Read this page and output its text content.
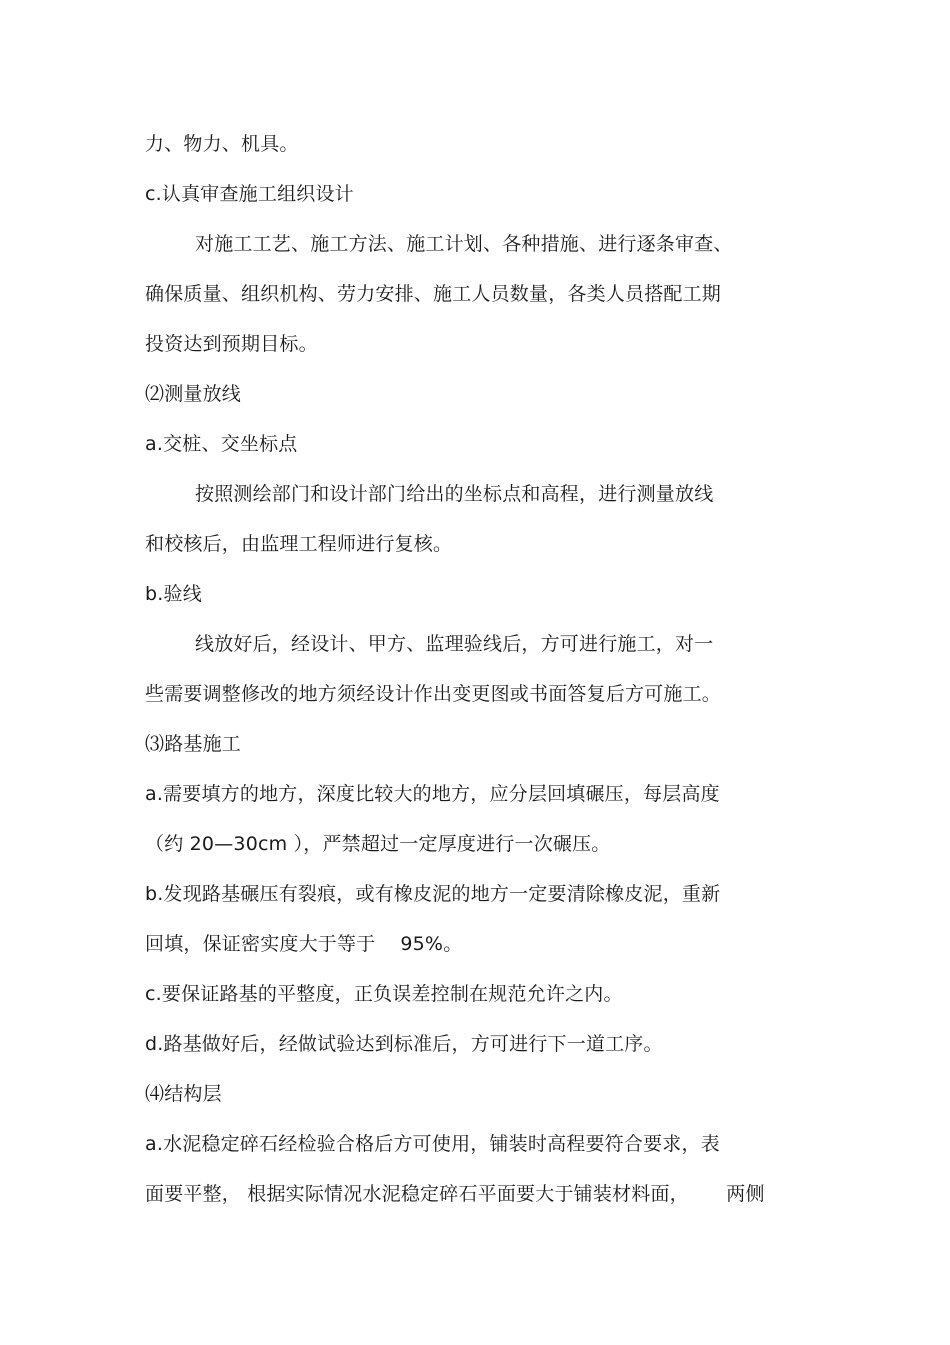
力、物力、机具。
c.认真审查施工组织设计
对施工工艺、施工方法、施工计划、各种措施、进行逐条审查、
确保质量、组织机构、劳力安排、施工人员数量，各类人员搭配工期
投资达到预期目标。
⑵测量放线
a.交桩、交坐标点
按照测绘部门和设计部门给出的坐标点和高程，进行测量放线
和校核后，由监理工程师进行复核。
b.验线
线放好后，经设计、甲方、监理验线后，方可进行施工，对一
些需要调整修改的地方须经设计作出变更图或书面答复后方可施工。
⑶路基施工
a.需要填方的地方，深度比较大的地方，应分层回填碾压，每层高度
（约 20—30cm ），严禁超过一定厚度进行一次碾压。
b.发现路基碾压有裂痕，或有橡皮泥的地方一定要清除橡皮泥，重新
回填，保证密实度大于等于    95%。
c.要保证路基的平整度，正负误差控制在规范允许之内。
d.路基做好后，经做试验达到标准后，方可进行下一道工序。
⑷结构层
a.水泥稳定碎石经检验合格后方可使用，铺装时高程要符合要求，表
面要平整， 根据实际情况水泥稳定碎石平面要大于铺装材料面，      两侧
